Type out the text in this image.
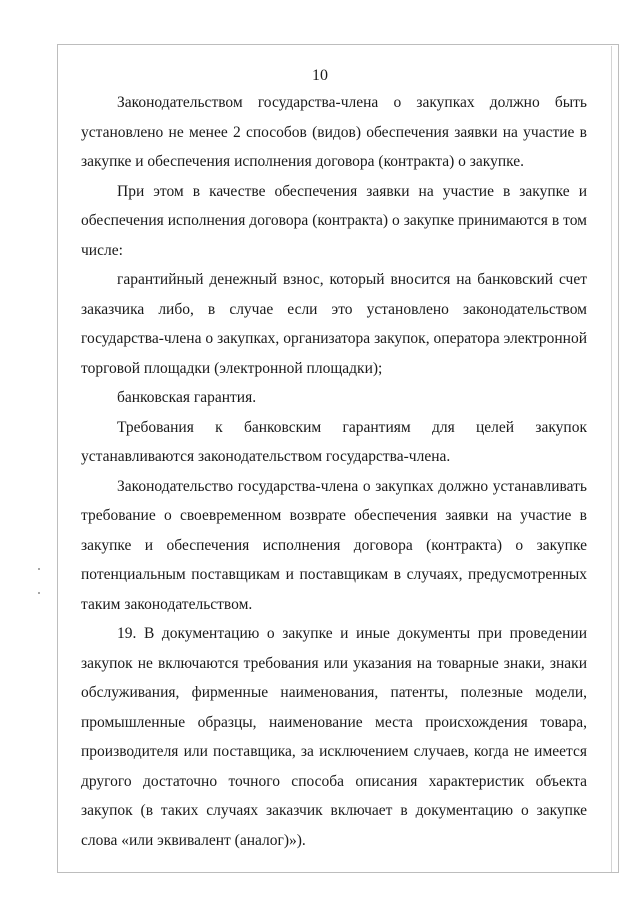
10

Законодательством государства-члена о закупках должно быть установлено не менее 2 способов (видов) обеспечения заявки на участие в закупке и обеспечения исполнения договора (контракта) о закупке.

При этом в качестве обеспечения заявки на участие в закупке и обеспечения исполнения договора (контракта) о закупке принимаются в том числе:

гарантийный денежный взнос, который вносится на банковский счет заказчика либо, в случае если это установлено законодательством государства-члена о закупках, организатора закупок, оператора электронной торговой площадки (электронной площадки);

банковская гарантия.

Требования к банковским гарантиям для целей закупок устанавливаются законодательством государства-члена.

Законодательство государства-члена о закупках должно устанавливать требование о своевременном возврате обеспечения заявки на участие в закупке и обеспечения исполнения договора (контракта) о закупке потенциальным поставщикам и поставщикам в случаях, предусмотренных таким законодательством.

19. В документацию о закупке и иные документы при проведении закупок не включаются требования или указания на товарные знаки, знаки обслуживания, фирменные наименования, патенты, полезные модели, промышленные образцы, наименование места происхождения товара, производителя или поставщика, за исключением случаев, когда не имеется другого достаточно точного способа описания характеристик объекта закупок (в таких случаях заказчик включает в документацию о закупке слова «или эквивалент (аналог)»).
